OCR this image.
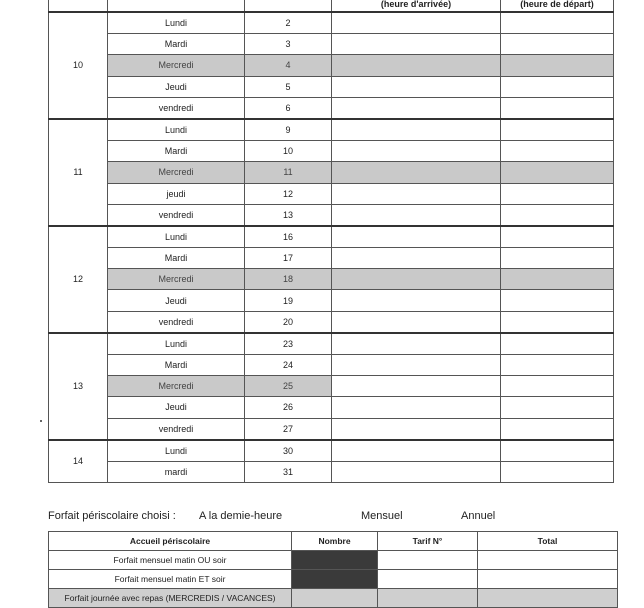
			(heure d'arrivée)	(heure de départ)
10	Lundi	2		
	Mardi	3		
	Mercredi	4		
	Jeudi	5		
	vendredi	6		
11	Lundi	9		
	Mardi	10		
	Mercredi	11		
	jeudi	12		
	vendredi	13		
12	Lundi	16		
	Mardi	17		
	Mercredi	18		
	Jeudi	19		
	vendredi	20		
13	Lundi	23		
	Mardi	24		
	Mercredi	25		
	Jeudi	26		
	vendredi	27		
14	Lundi	30		
	mardi	31		
Forfait périscolaire choisi : A la demie-heure	Mensuel	Annuel
Accueil périscolaire	Nombre	Tarif N°	Total
Forfait mensuel matin OU soir			
Forfait mensuel matin ET soir			
Forfait journée avec repas (MERCREDIS / VACANCES)			
